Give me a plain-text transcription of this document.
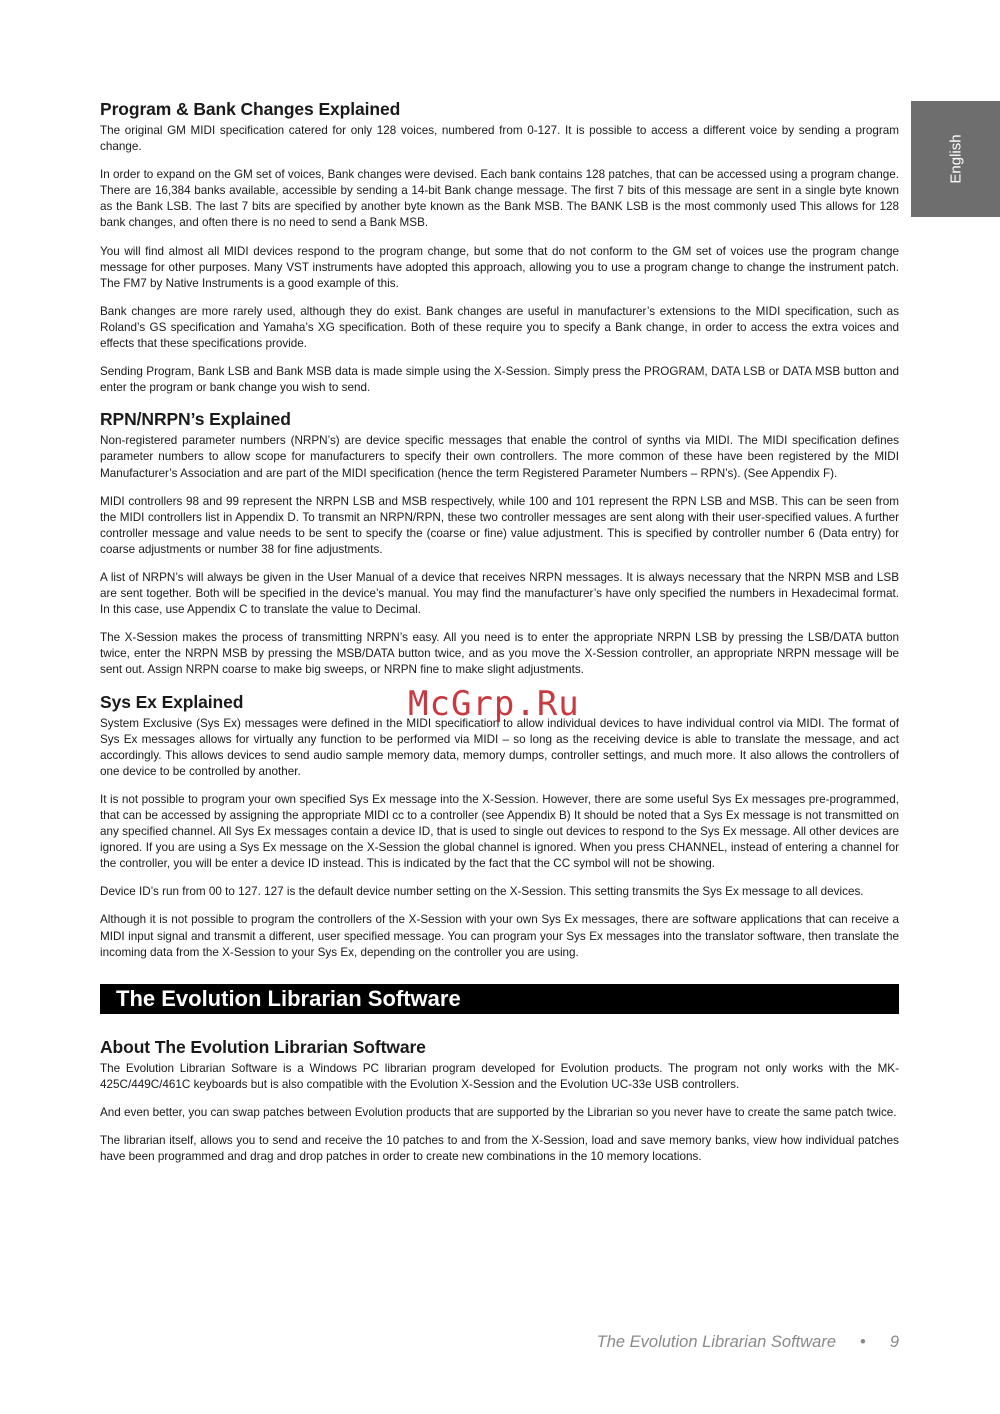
English
Program & Bank Changes Explained

The original GM MIDI specification catered for only 128 voices, numbered from 0-127. It is possible to access a different voice by sending a program change.

In order to expand on the GM set of voices, Bank changes were devised. Each bank contains 128 patches, that can be accessed using a program change. There are 16,384 banks available, accessible by sending a 14-bit Bank change message. The first 7 bits of this message are sent in a single byte known as the Bank LSB. The last 7 bits are specified by another byte known as the Bank MSB. The BANK LSB is the most commonly used This allows for 128 bank changes, and often there is no need to send a Bank MSB.

You will find almost all MIDI devices respond to the program change, but some that do not conform to the GM set of voices use the program change message for other purposes. Many VST instruments have adopted this approach, allowing you to use a program change to change the instrument patch. The FM7 by Native Instruments is a good example of this.

Bank changes are more rarely used, although they do exist. Bank changes are useful in manufacturer’s extensions to the MIDI specification, such as Roland’s GS specification and Yamaha’s XG specification. Both of these require you to specify a Bank change, in order to access the extra voices and effects that these specifications provide.

Sending Program, Bank LSB and Bank MSB data is made simple using the X-Session. Simply press the PROGRAM, DATA LSB or DATA MSB button and enter the program or bank change you wish to send.

RPN/NRPN’s Explained

Non-registered parameter numbers (NRPN’s) are device specific messages that enable the control of synths via MIDI. The MIDI specification defines parameter numbers to allow scope for manufacturers to specify their own controllers. The more common of these have been registered by the MIDI Manufacturer’s Association and are part of the MIDI specification (hence the term Registered Parameter Numbers – RPN’s). (See Appendix F).

MIDI controllers 98 and 99 represent the NRPN LSB and MSB respectively, while 100 and 101 represent the RPN LSB and MSB. This can be seen from the MIDI controllers list in Appendix D. To transmit an NRPN/RPN, these two controller messages are sent along with their user-specified values. A further controller message and value needs to be sent to specify the (coarse or fine) value adjustment. This is specified by controller number 6 (Data entry) for coarse adjustments or number 38 for fine adjustments.

A list of NRPN’s will always be given in the User Manual of a device that receives NRPN messages. It is always necessary that the NRPN MSB and LSB are sent together. Both will be specified in the device’s manual. You may find the manufacturer’s have only specified the numbers in Hexadecimal format. In this case, use Appendix C to translate the value to Decimal.

The X-Session makes the process of transmitting NRPN’s easy. All you need is to enter the appropriate NRPN LSB by pressing the LSB/DATA button twice, enter the NRPN MSB by pressing the MSB/DATA button twice, and as you move the X-Session controller, an appropriate NRPN message will be sent out. Assign NRPN coarse to make big sweeps, or NRPN fine to make slight adjustments.

Sys Ex Explained

System Exclusive (Sys Ex) messages were defined in the MIDI specification to allow individual devices to have individual control via MIDI. The format of Sys Ex messages allows for virtually any function to be performed via MIDI – so long as the receiving device is able to translate the message, and act accordingly. This allows devices to send audio sample memory data, memory dumps, controller settings, and much more. It also allows the controllers of one device to be controlled by another.

It is not possible to program your own specified Sys Ex message into the X-Session. However, there are some useful Sys Ex messages pre-programmed, that can be accessed by assigning the appropriate MIDI cc to a controller (see Appendix B) It should be noted that a Sys Ex message is not transmitted on any specified channel. All Sys Ex messages contain a device ID, that is used to single out devices to respond to the Sys Ex message. All other devices are ignored. If you are using a Sys Ex message on the X-Session the global channel is ignored. When you press CHANNEL, instead of entering a channel for the controller, you will be enter a device ID instead. This is indicated by the fact that the CC symbol will not be showing.

Device ID’s run from 00 to 127. 127 is the default device number setting on the X-Session. This setting transmits the Sys Ex message to all devices.

Although it is not possible to program the controllers of the X-Session with your own Sys Ex messages, there are software applications that can receive a MIDI input signal and transmit a different, user specified message. You can program your Sys Ex messages into the translator software, then translate the incoming data from the X-Session to your Sys Ex, depending on the controller you are using.

The Evolution Librarian Software
About The Evolution Librarian Software

The Evolution Librarian Software is a Windows PC librarian program developed for Evolution products. The program not only works with the MK-425C/449C/461C keyboards but is also compatible with the Evolution X-Session and the Evolution UC-33e USB controllers.

And even better, you can swap patches between Evolution products that are supported by the Librarian so you never have to create the same patch twice.

The librarian itself, allows you to send and receive the 10 patches to and from the X-Session, load and save memory banks, view how individual patches have been programmed and drag and drop patches in order to create new combinations in the 10 memory locations.

McGrp.Ru
The Evolution Librarian Software • 9
